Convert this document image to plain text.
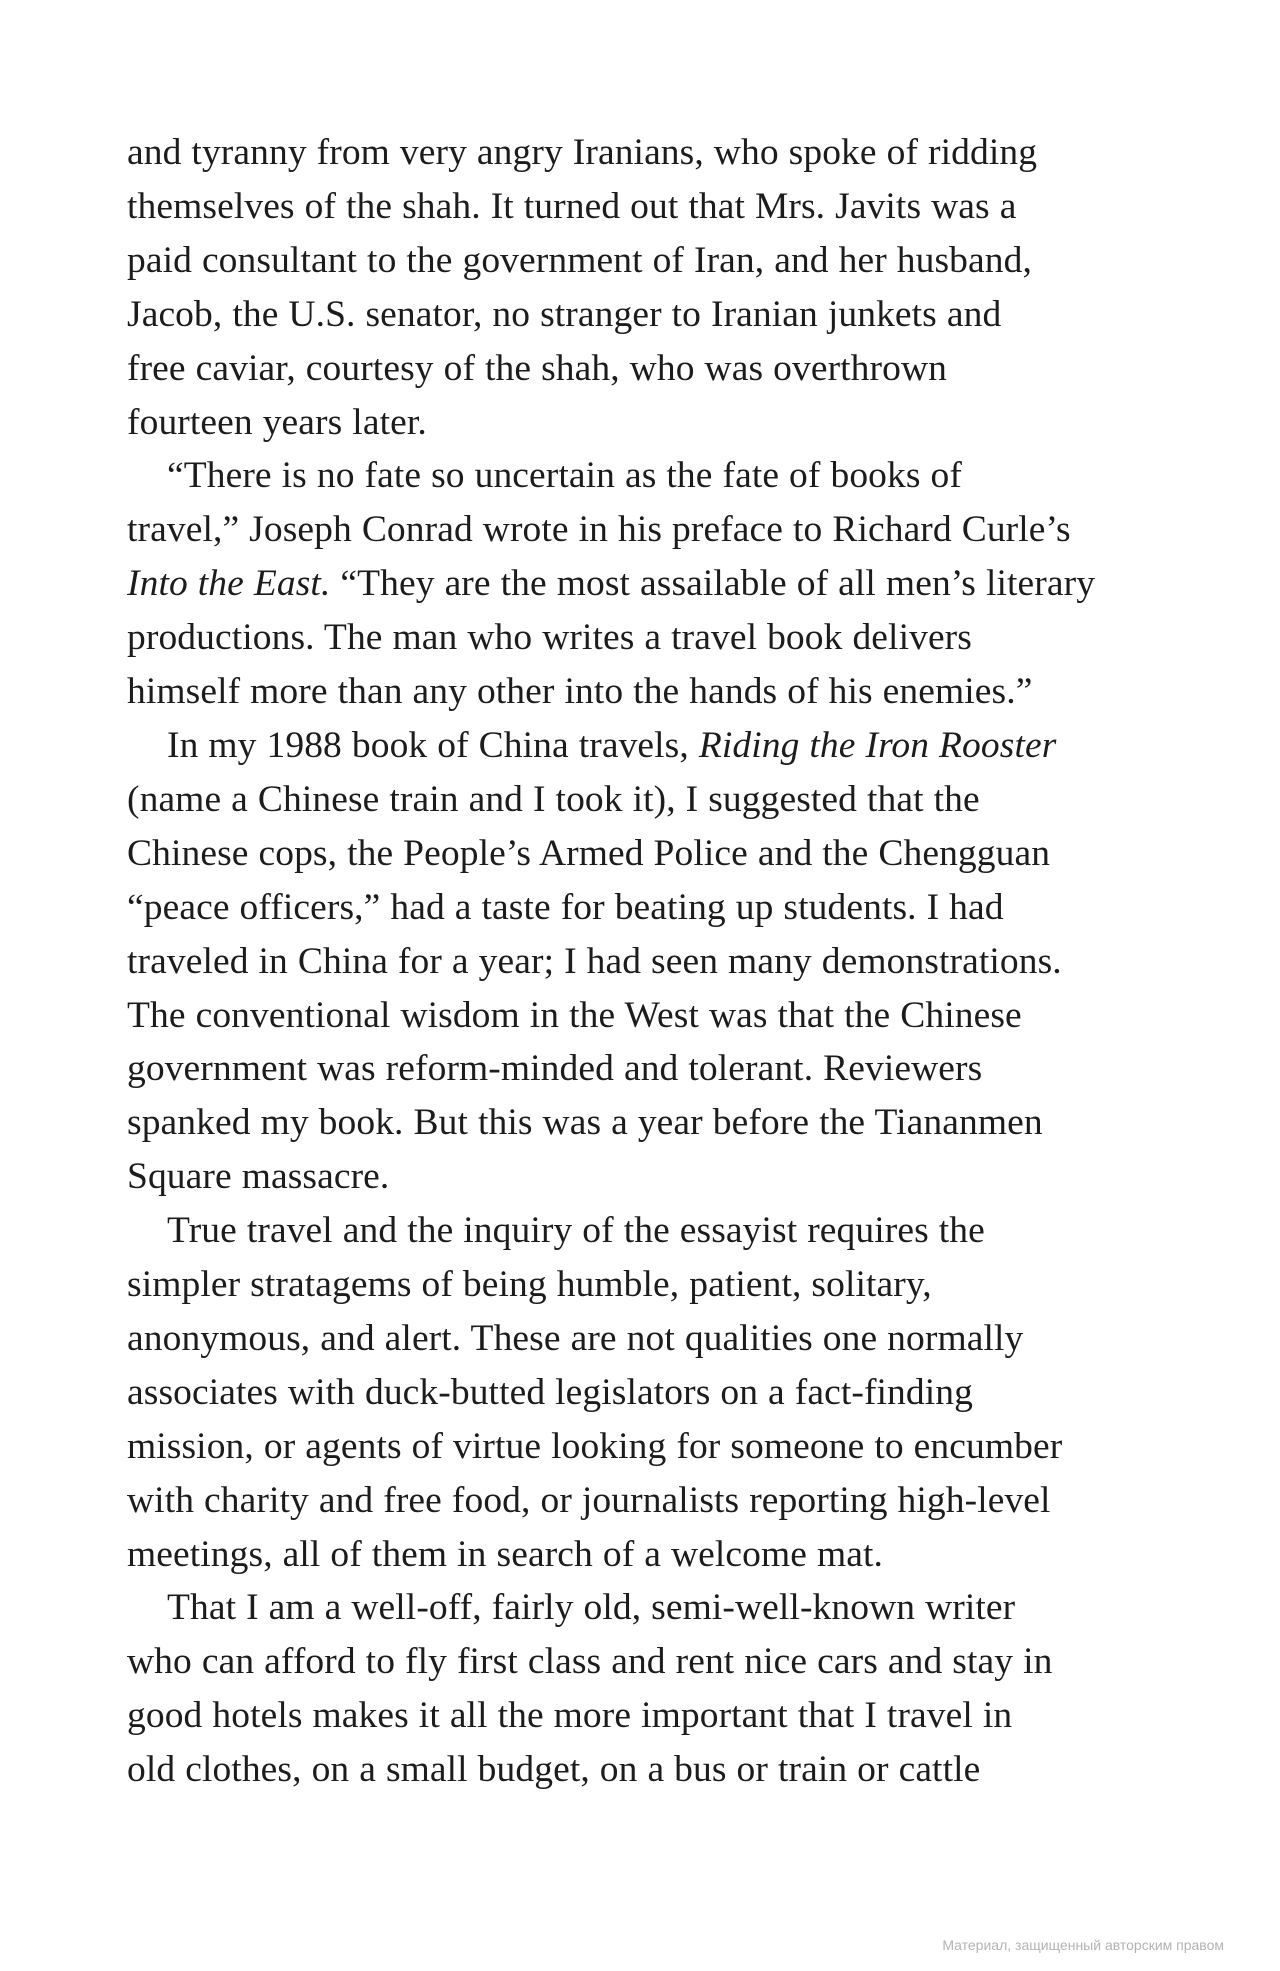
and tyranny from very angry Iranians, who spoke of ridding
themselves of the shah. It turned out that Mrs. Javits was a
paid consultant to the government of Iran, and her husband,
Jacob, the U.S. senator, no stranger to Iranian junkets and
free caviar, courtesy of the shah, who was overthrown
fourteen years later.
“There is no fate so uncertain as the fate of books of
travel,” Joseph Conrad wrote in his preface to Richard Curle’s
Into the East. “They are the most assailable of all men’s literary
productions. The man who writes a travel book delivers
himself more than any other into the hands of his enemies.”
In my 1988 book of China travels, Riding the Iron Rooster
(name a Chinese train and I took it), I suggested that the
Chinese cops, the People’s Armed Police and the Chengguan
“peace officers,” had a taste for beating up students. I had
traveled in China for a year; I had seen many demonstrations.
The conventional wisdom in the West was that the Chinese
government was reform-minded and tolerant. Reviewers
spanked my book. But this was a year before the Tiananmen
Square massacre.
True travel and the inquiry of the essayist requires the
simpler stratagems of being humble, patient, solitary,
anonymous, and alert. These are not qualities one normally
associates with duck-butted legislators on a fact-finding
mission, or agents of virtue looking for someone to encumber
with charity and free food, or journalists reporting high-level
meetings, all of them in search of a welcome mat.
That I am a well-off, fairly old, semi-well-known writer
who can afford to fly first class and rent nice cars and stay in
good hotels makes it all the more important that I travel in
old clothes, on a small budget, on a bus or train or cattle
Материал, защищенный авторским правом
